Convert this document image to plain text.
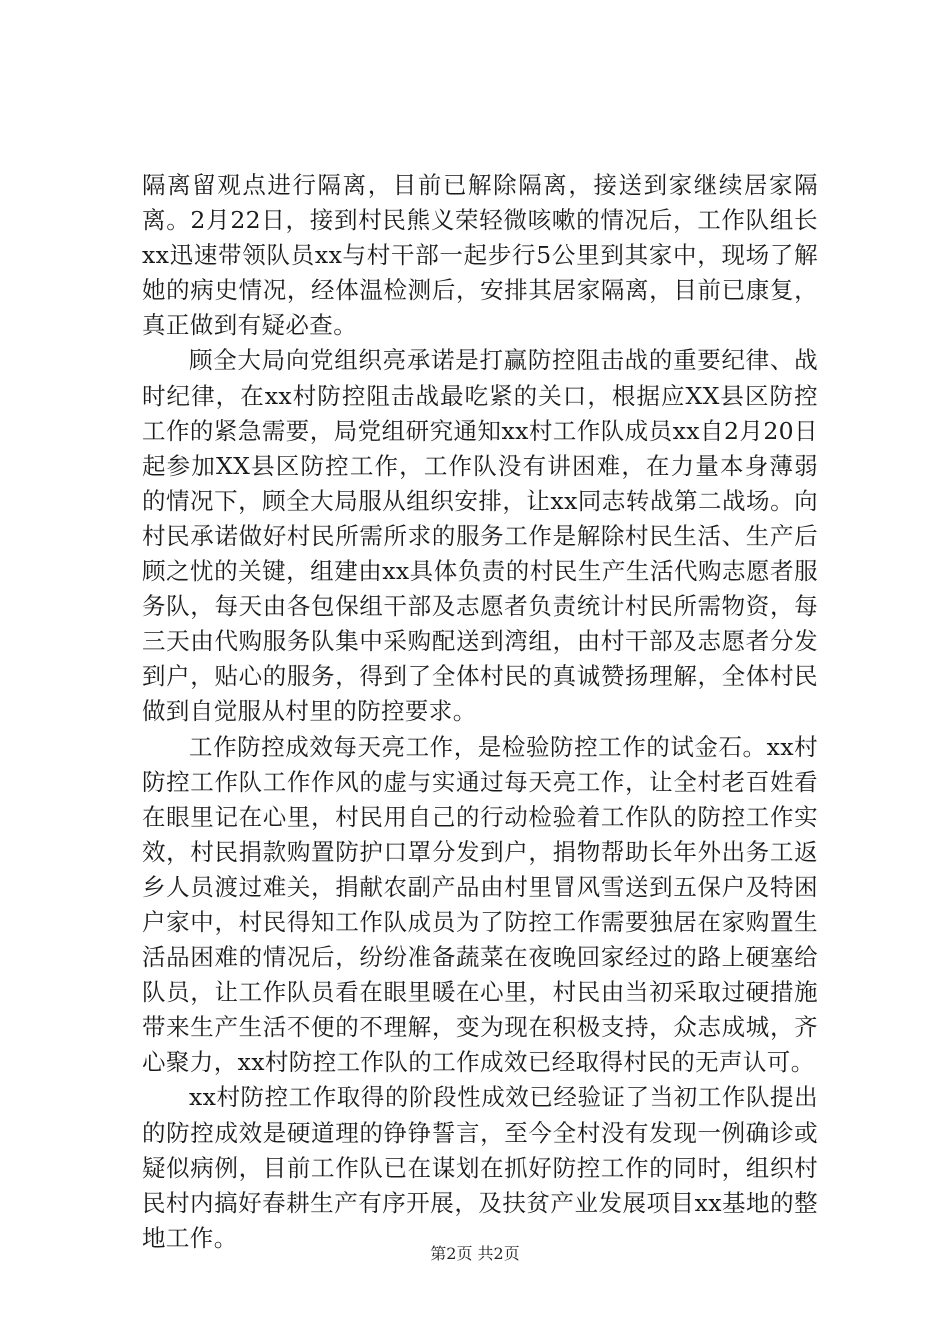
隔离留观点进行隔离，目前已解除隔离，接送到家继续居家隔离。2月22日，接到村民熊义荣轻微咳嗽的情况后，工作队组长xx迅速带领队员xx与村干部一起步行5公里到其家中，现场了解她的病史情况，经体温检测后，安排其居家隔离，目前已康复，真正做到有疑必查。

顾全大局向党组织亮承诺是打赢防控阻击战的重要纪律、战时纪律，在xx村防控阻击战最吃紧的关口，根据应XX县区防控工作的紧急需要，局党组研究通知xx村工作队成员xx自2月20日起参加XX县区防控工作，工作队没有讲困难，在力量本身薄弱的情况下，顾全大局服从组织安排，让xx同志转战第二战场。向村民承诺做好村民所需所求的服务工作是解除村民生活、生产后顾之忧的关键，组建由xx具体负责的村民生产生活代购志愿者服务队，每天由各包保组干部及志愿者负责统计村民所需物资，每三天由代购服务队集中采购配送到湾组，由村干部及志愿者分发到户，贴心的服务，得到了全体村民的真诚赞扬理解，全体村民做到自觉服从村里的防控要求。

工作防控成效每天亮工作，是检验防控工作的试金石。xx村防控工作队工作作风的虚与实通过每天亮工作，让全村老百姓看在眼里记在心里，村民用自己的行动检验着工作队的防控工作实效，村民捐款购置防护口罩分发到户，捐物帮助长年外出务工返乡人员渡过难关，捐献农副产品由村里冒风雪送到五保户及特困户家中，村民得知工作队成员为了防控工作需要独居在家购置生活品困难的情况后，纷纷准备蔬菜在夜晚回家经过的路上硬塞给队员，让工作队员看在眼里暖在心里，村民由当初采取过硬措施带来生产生活不便的不理解，变为现在积极支持，众志成城，齐心聚力，xx村防控工作队的工作成效已经取得村民的无声认可。

xx村防控工作取得的阶段性成效已经验证了当初工作队提出的防控成效是硬道理的铮铮誓言，至今全村没有发现一例确诊或疑似病例，目前工作队已在谋划在抓好防控工作的同时，组织村民村内搞好春耕生产有序开展，及扶贫产业发展项目xx基地的整地工作。

第2页 共2页
